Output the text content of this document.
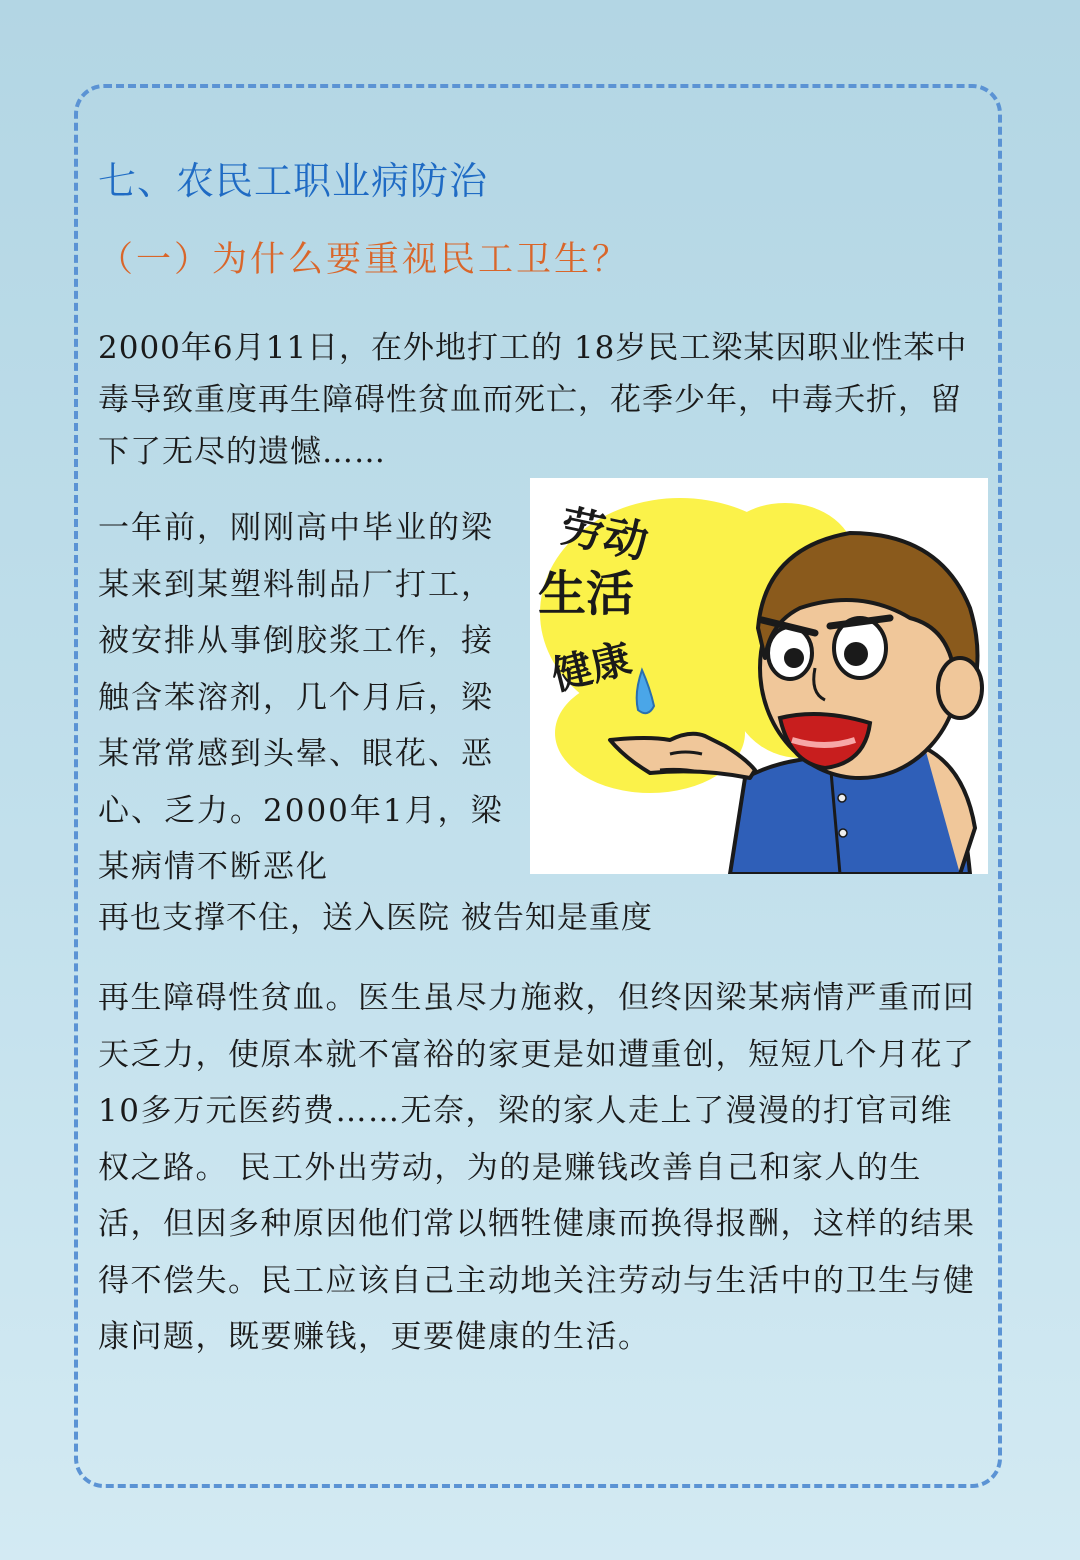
七、农民工职业病防治
（一）为什么要重视民工卫生？

2000年6月11日，在外地打工的 18岁民工梁某因职业性苯中毒导致重度再生障碍性贫血而死亡，花季少年，中毒夭折，留下了无尽的遗憾……

一年前，刚刚高中毕业的梁某来到某塑料制品厂打工，被安排从事倒胶浆工作，接触含苯溶剂，几个月后，梁某常常感到头晕、眼花、恶心、乏力。2000年1月，梁某病情不断恶化

再也支撑不住，送入医院 被告知是重度

劳动
生活
健康

再生障碍性贫血。医生虽尽力施救，但终因梁某病情严重而回天乏力，使原本就不富裕的家更是如遭重创，短短几个月花了10多万元医药费……无奈，梁的家人走上了漫漫的打官司维权之路。 民工外出劳动，为的是赚钱改善自己和家人的生活，但因多种原因他们常以牺牲健康而换得报酬，这样的结果得不偿失。民工应该自己主动地关注劳动与生活中的卫生与健康问题，既要赚钱，更要健康的生活。
